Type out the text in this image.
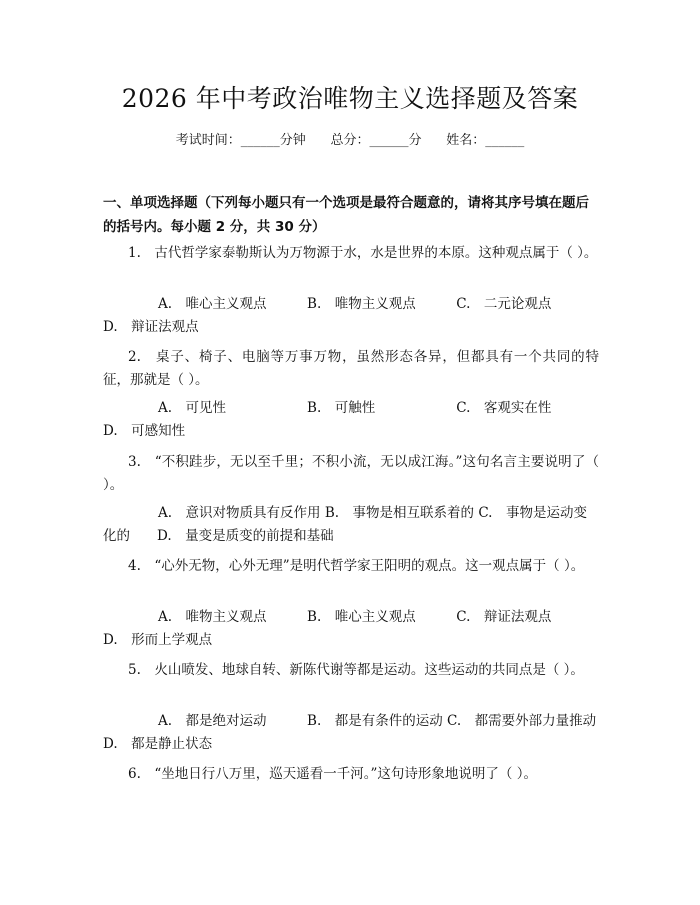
2026 年中考政治唯物主义选择题及答案
考试时间：______分钟      总分：______分      姓名：______
一、单项选择题（下列每小题只有一个选项是最符合题意的，请将其序号填在题后的括号内。每小题 2 分，共 30 分）
1.　古代哲学家泰勒斯认为万物源于水，水是世界的本原。这种观点属于（ ）。
A.　唯心主义观点　　　B.　唯物主义观点　　　C.　二元论观点　　　D.　辩证法观点
2.　桌子、椅子、电脑等万事万物，虽然形态各异，但都具有一个共同的特征，那就是（ ）。
A.　可见性　　　　　　B.　可触性　　　　　　C.　客观实在性　　　　D.　可感知性
3.　“不积跬步，无以至千里；不积小流，无以成江海。”这句名言主要说明了（ ）。
A.　意识对物质具有反作用 B.　事物是相互联系着的 C.　事物是运动变化的　　D.　量变是质变的前提和基础
4.　“心外无物，心外无理”是明代哲学家王阳明的观点。这一观点属于（ ）。
A.　唯物主义观点　　　B.　唯心主义观点　　　C.　辩证法观点　　　D.　形而上学观点
5.　火山喷发、地球自转、新陈代谢等都是运动。这些运动的共同点是（ ）。
A.　都是绝对运动　　　B.　都是有条件的运动 C.　都需要外部力量推动 D.　都是静止状态
6.　“坐地日行八万里，巡天遥看一千河。”这句诗形象地说明了（ ）。
